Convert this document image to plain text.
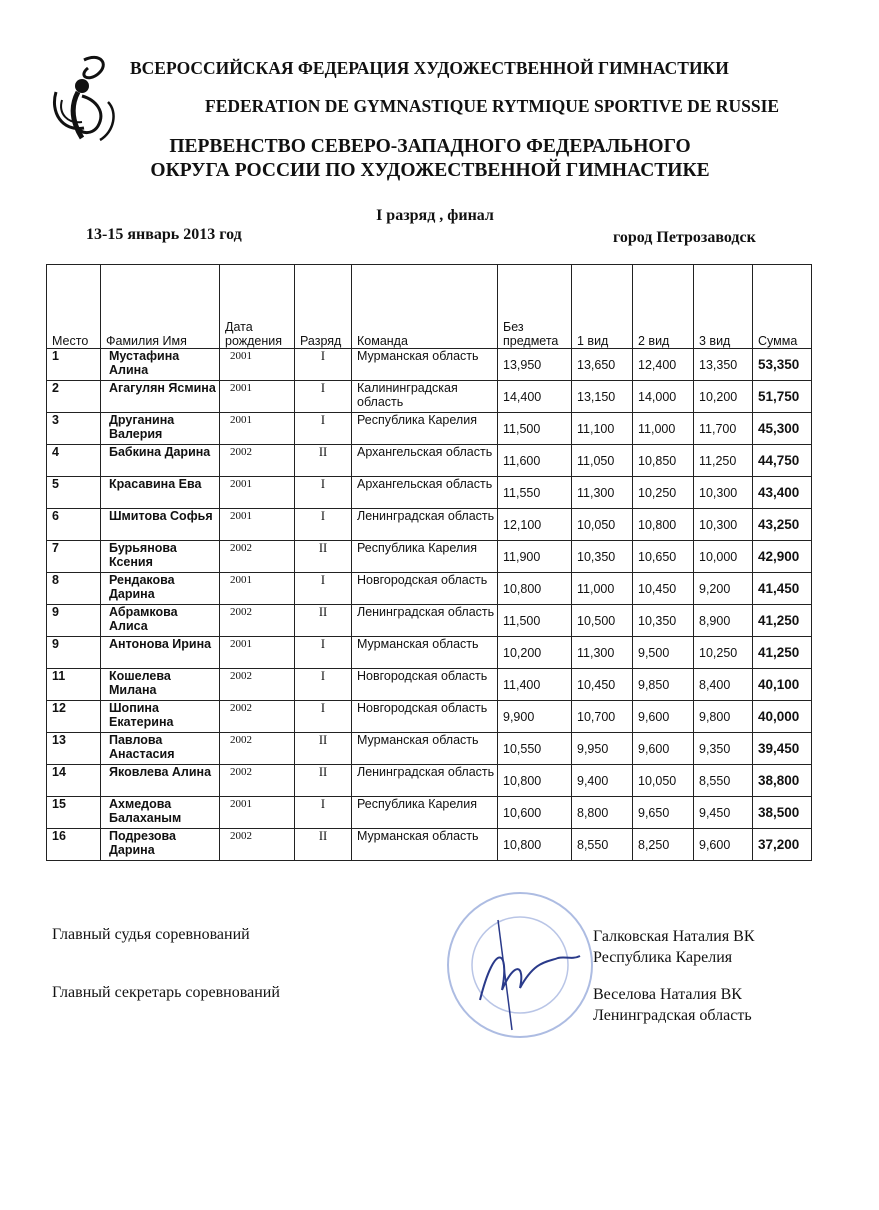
ВСЕРОССИЙСКАЯ ФЕДЕРАЦИЯ ХУДОЖЕСТВЕННОЙ ГИМНАСТИКИ
FEDERATION DE GYMNASTIQUE RYTMIQUE SPORTIVE DE RUSSIE
ПЕРВЕНСТВО СЕВЕРО-ЗАПАДНОГО ФЕДЕРАЛЬНОГО
ОКРУГА РОССИИ ПО ХУДОЖЕСТВЕННОЙ ГИМНАСТИКЕ
I разряд , финал
13-15 январь 2013 год	город Петрозаводск
Место	Фамилия Имя	Дата рождения	Разряд	Команда	Без предмета	1 вид	2 вид	3 вид	Сумма
1	Мустафина Алина	2001	I	Мурманская область	13,950	13,650	12,400	13,350	53,350
2	Агагулян Ясмина	2001	I	Калининградская область	14,400	13,150	14,000	10,200	51,750
3	Друганина Валерия	2001	I	Республика Карелия	11,500	11,100	11,000	11,700	45,300
4	Бабкина Дарина	2002	II	Архангельская область	11,600	11,050	10,850	11,250	44,750
5	Красавина Ева	2001	I	Архангельская область	11,550	11,300	10,250	10,300	43,400
6	Шмитова Софья	2001	I	Ленинградская область	12,100	10,050	10,800	10,300	43,250
7	Бурьянова Ксения	2002	II	Республика Карелия	11,900	10,350	10,650	10,000	42,900
8	Рендакова Дарина	2001	I	Новгородская область	10,800	11,000	10,450	9,200	41,450
9	Абрамкова Алиса	2002	II	Ленинградская область	11,500	10,500	10,350	8,900	41,250
9	Антонова Ирина	2001	I	Мурманская область	10,200	11,300	9,500	10,250	41,250
11	Кошелева Милана	2002	I	Новгородская область	11,400	10,450	9,850	8,400	40,100
12	Шопина Екатерина	2002	I	Новгородская область	9,900	10,700	9,600	9,800	40,000
13	Павлова Анастасия	2002	II	Мурманская область	10,550	9,950	9,600	9,350	39,450
14	Яковлева Алина	2002	II	Ленинградская область	10,800	9,400	10,050	8,550	38,800
15	Ахмедова Балаханым	2001	I	Республика Карелия	10,600	8,800	9,650	9,450	38,500
16	Подрезова Дарина	2002	II	Мурманская область	10,800	8,550	8,250	9,600	37,200
Главный судья соревнований	Галковская Наталия ВК
Республика Карелия
Главный секретарь соревнований	Веселова Наталия ВК
Ленинградская область
